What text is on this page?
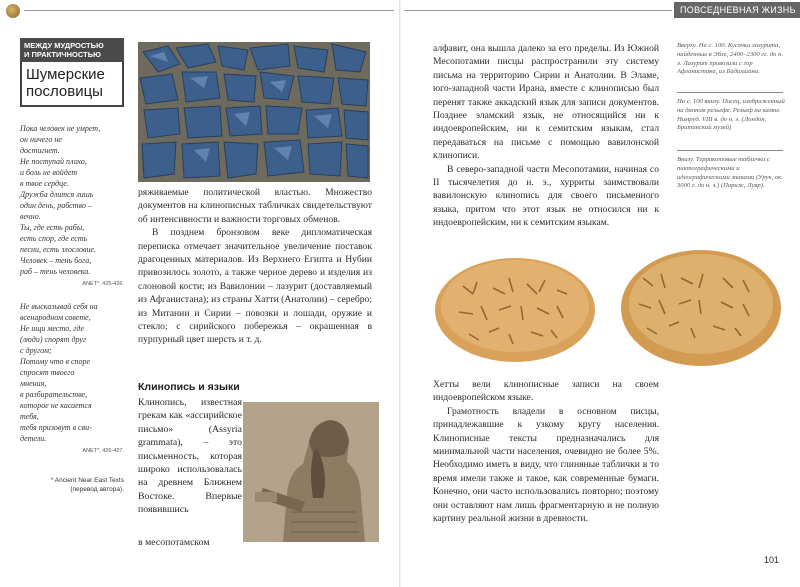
ПОВСЕДНЕВНАЯ ЖИЗНЬ
МЕЖДУ МУДРОСТЬЮ
И ПРАКТИЧНОСТЬЮ
Шумерские пословицы
Пока человек не умрет,
он ничего не
достигнет.
Не поступай плохо,
и боль не войдет
в твое сердце.
Дружба длится лишь
один день, рабство –
вечно.
Ты, где есть рабы,
есть спор, где есть
песни, есть злословие.
Человек – тень бога,
раб – тень человека.
ANET*, 425-426.
Не высказывай себя на
всенародном совете,
Не ищи место, где
(люди) спорят друг
с другом;
Потому что в споре
спросят твоего
мнения,
в разбирательстве,
которое не касается
тебя,
тебя призовут в сви-
детели.
ANET*, 426-427.
* Ancient Near East Texts
(перевод автора).

ряживаемые политической властью. Множество документов на клинописных табличках свидетельствуют об интенсивности и важности торговых обменов.

В позднем бронзовом веке дипломатическая переписка отмечает значительное увеличение поставок драгоценных материалов. Из Верхнего Египта и Нубии привозилось золото, а также черное дерево и изделия из слоновой кости; из Вавилонии – лазурит (доставляемый из Афганистана); из страны Хатти (Анатолии) – серебро; из Митании и Сирии – повозки и лошади, оружие и стекло; с сирийского побережья – окрашенная в пурпурный цвет шерсть и т. д.

Клинопись и языки

Клинопись, известная грекам как «ассирийское письмо» (Assyria grammata), – это письменность, которая широко использовалась на древнем Ближнем Востоке. Впервые появившись

в месопотамском

алфавит, она вышла далеко за его пределы. Из Южной Месопотамии писцы распространили эту систему письма на территорию Сирии и Анатолии. В Эламе, юго-западной части Ирана, вместе с клинописью был перенят также аккадский язык для записи документов. Позднее эламский язык, не относящийся ни к индоевропейским, ни к семитским языкам, стал передаваться на письме с помощью вавилонской клинописи.

В северо-западной части Месопотамии, начиная со II тысячелетия до н. э., хурриты заимствовали вавилонскую клинопись для своего письменного языка, притом что этот язык не относился ни к индоевропейским, ни к семитским языкам.

Хетты вели клинописные записи на своем индоевропейском языке.

Грамотность владели в основном писцы, принадлежавшие к узкому кругу населения. Клинописные тексты предназначались для минимальной части населения, очевидно не более 5%. Необходимо иметь в виду, что глиняные таблички в то время имели также и такое, как современные бумаги. Конечно, они часто использовались повторно; поэтому они оставляют нам лишь фрагментарную и не полную картину реальной жизни в древности.

Вверху. На с. 100. Кусочки лазурита, найденные в Эбле, 2400–2300 гг. до н. э. Лазурит привозили с гор Афганистана, из Бадахшана.
На с. 100 внизу. Писец, изображенный на данном рельефе. Рельеф на камне. Нимруд. VIII в. до н. э. (Лондон, Британский музей)
Внизу. Терракотовые таблички с пиктографическими и идеографическими знаками (Урук, ок. 3000 г. до н. э.) (Париж, Лувр).
101
